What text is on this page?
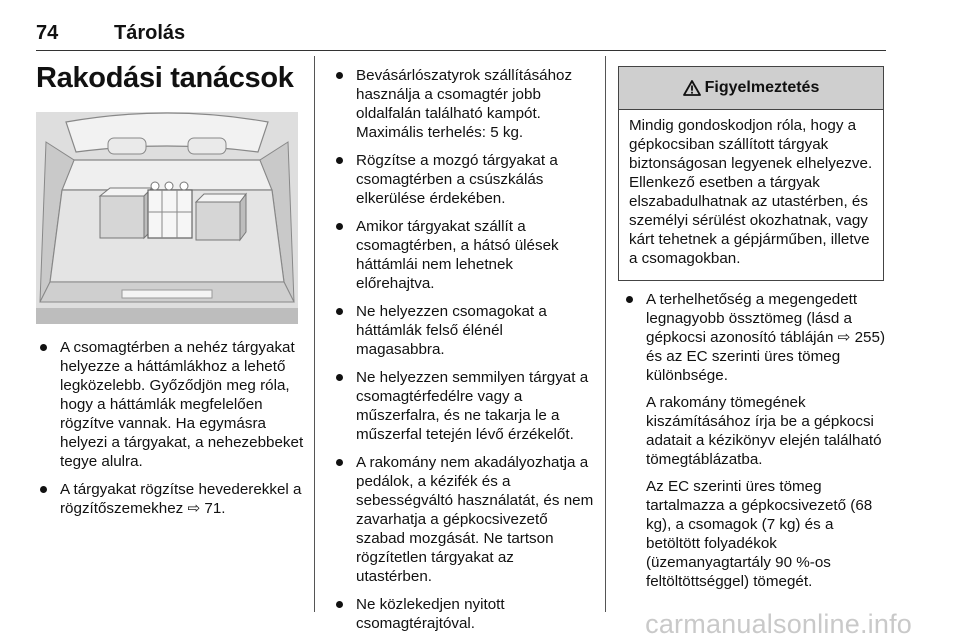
74	Tárolás
Rakodási tanácsok
A csomagtérben a nehéz tárgyakat helyezze a háttámlákhoz a lehető legközelebb. Győződjön meg róla, hogy a háttámlák megfelelően rögzítve vannak. Ha egymásra helyezi a tárgyakat, a nehezebbeket tegye alulra.
A tárgyakat rögzítse hevederekkel a rögzítőszemekhez ⇨ 71.
Bevásárlószatyrok szállításához használja a csomagtér jobb oldalfalán található kampót. Maximális terhelés: 5 kg.
Rögzítse a mozgó tárgyakat a csomagtérben a csúszkálás elkerülése érdekében.
Amikor tárgyakat szállít a csomagtérben, a hátsó ülések háttámlái nem lehetnek előrehajtva.
Ne helyezzen csomagokat a háttámlák felső élénél magasabbra.
Ne helyezzen semmilyen tárgyat a csomagtérfedélre vagy a műszerfalra, és ne takarja le a műszerfal tetején lévő érzékelőt.
A rakomány nem akadályozhatja a pedálok, a kézifék és a sebességváltó használatát, és nem zavarhatja a gépkocsivezető szabad mozgását. Ne tartson rögzítetlen tárgyakat az utastérben.
Ne közlekedjen nyitott csomagtérajtóval.
Figyelmeztetés
Mindig gondoskodjon róla, hogy a gépkocsiban szállított tárgyak biztonságosan legyenek elhelyezve. Ellenkező esetben a tárgyak elszabadulhatnak az utastérben, és személyi sérülést okozhatnak, vagy kárt tehetnek a gépjárműben, illetve a csomagokban.
A terhelhetőség a megengedett legnagyobb össztömeg (lásd a gépkocsi azonosító tábláján ⇨ 255) és az EC szerinti üres tömeg különbsége.
A rakomány tömegének kiszámításához írja be a gépkocsi adatait a kézikönyv elején található tömegtáblázatba.
Az EC szerinti üres tömeg tartalmazza a gépkocsivezető (68 kg), a csomagok (7 kg) és a betöltött folyadékok (üzemanyagtartály 90 %-os feltöltöttséggel) tömegét.
carmanualsonline.info
